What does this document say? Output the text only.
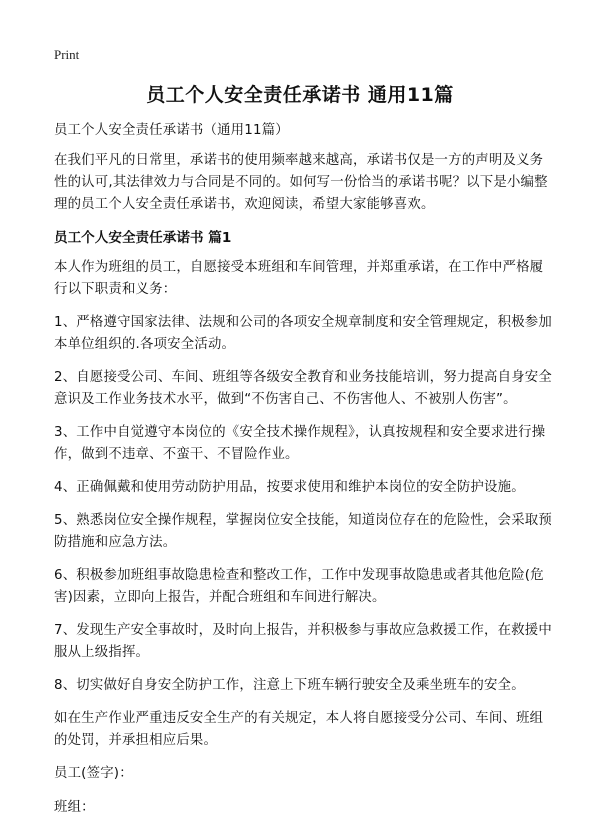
Print
员工个人安全责任承诺书 通用11篇

员工个人安全责任承诺书（通用11篇）

在我们平凡的日常里，承诺书的使用频率越来越高，承诺书仅是一方的声明及义务性的认可,其法律效力与合同是不同的。如何写一份恰当的承诺书呢？以下是小编整理的员工个人安全责任承诺书，欢迎阅读，希望大家能够喜欢。

员工个人安全责任承诺书 篇1

本人作为班组的员工，自愿接受本班组和车间管理，并郑重承诺，在工作中严格履行以下职责和义务：

1、严格遵守国家法律、法规和公司的各项安全规章制度和安全管理规定，积极参加本单位组织的.各项安全活动。

2、自愿接受公司、车间、班组等各级安全教育和业务技能培训，努力提高自身安全意识及工作业务技术水平，做到“不伤害自己、不伤害他人、不被别人伤害”。

3、工作中自觉遵守本岗位的《安全技术操作规程》，认真按规程和安全要求进行操作，做到不违章、不蛮干、不冒险作业。

4、正确佩戴和使用劳动防护用品，按要求使用和维护本岗位的安全防护设施。

5、熟悉岗位安全操作规程，掌握岗位安全技能，知道岗位存在的危险性，会采取预防措施和应急方法。

6、积极参加班组事故隐患检查和整改工作，工作中发现事故隐患或者其他危险(危害)因素，立即向上报告，并配合班组和车间进行解决。

7、发现生产安全事故时，及时向上报告，并积极参与事故应急救援工作，在救援中服从上级指挥。

8、切实做好自身安全防护工作，注意上下班车辆行驶安全及乘坐班车的安全。

如在生产作业严重违反安全生产的有关规定，本人将自愿接受分公司、车间、班组的处罚，并承担相应后果。

员工(签字)：

班组：
